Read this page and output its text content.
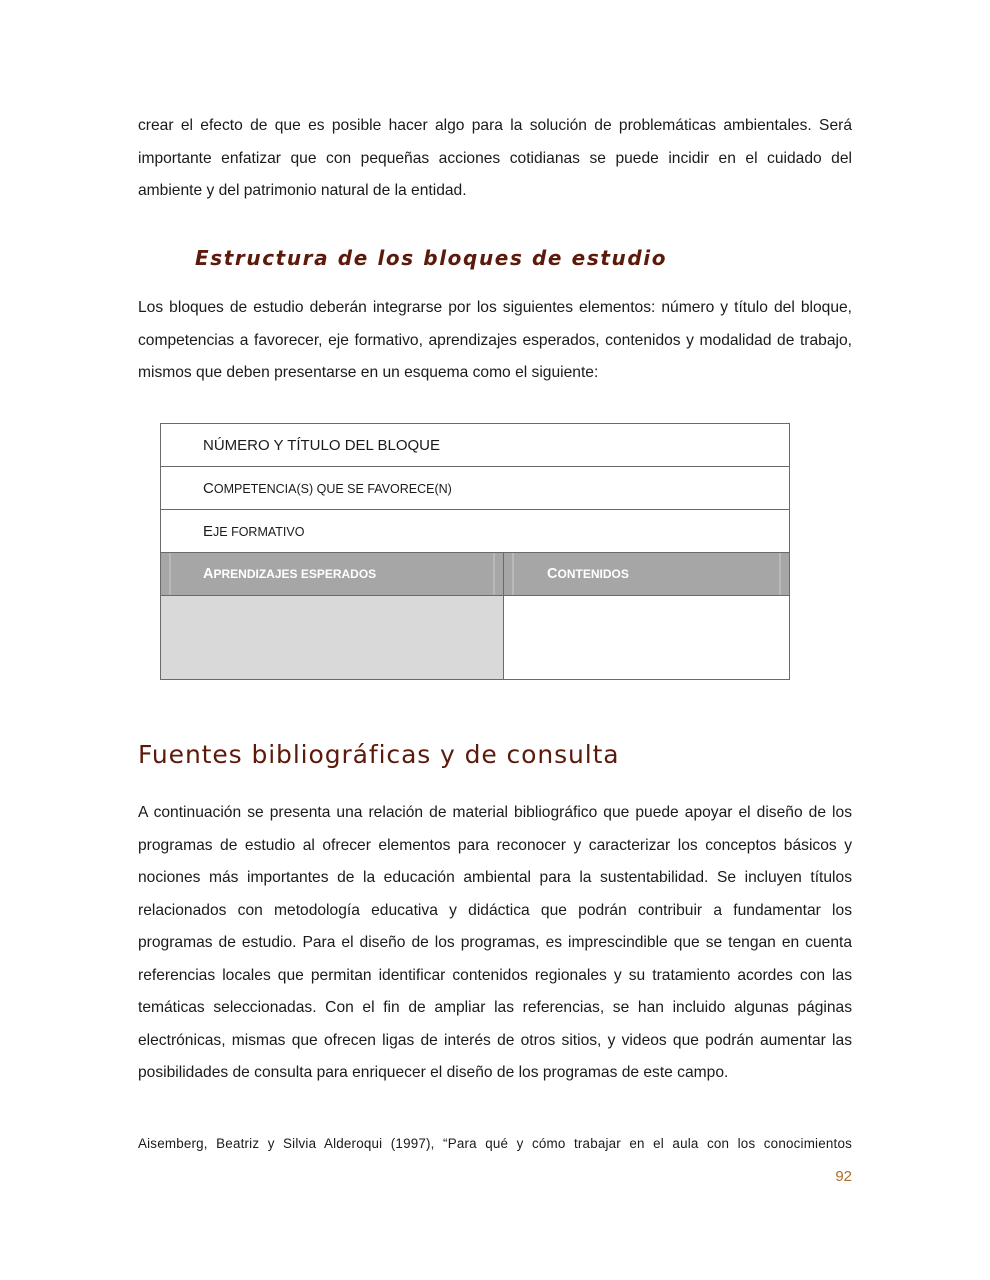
crear el efecto de que es posible hacer algo para la solución de problemáticas ambientales. Será importante enfatizar que con pequeñas acciones cotidianas se puede incidir en el cuidado del ambiente y del patrimonio natural de la entidad.

Estructura de los bloques de estudio

Los bloques de estudio deberán integrarse por los siguientes elementos: número y título del bloque, competencias a favorecer, eje formativo, aprendizajes esperados, contenidos y modalidad de trabajo, mismos que deben presentarse en un esquema como el siguiente:

Fuentes bibliográficas y de consulta

A continuación se presenta una relación de material bibliográfico que puede apoyar el diseño de los programas de estudio al ofrecer elementos para reconocer y caracterizar los conceptos básicos y nociones más importantes de la educación ambiental para la sustentabilidad. Se incluyen títulos relacionados con metodología educativa y didáctica que podrán contribuir a fundamentar los programas de estudio. Para el diseño de los programas, es imprescindible que se tengan en cuenta referencias locales que permitan identificar contenidos regionales y su tratamiento acordes con las temáticas seleccionadas. Con el fin de ampliar las referencias, se han incluido algunas páginas electrónicas, mismas que ofrecen ligas de interés de otros sitios, y videos que podrán aumentar las posibilidades de consulta para enriquecer el diseño de los programas de este campo.

Aisemberg, Beatriz y Silvia Alderoqui (1997), “Para qué y cómo trabajar en el aula con los conocimientos

NÚMERO Y TÍTULO DEL BLOQUE
COMPETENCIA(S) QUE SE FAVORECE(N)
EJE FORMATIVO
APRENDIZAJES ESPERADOS	CONTENIDOS

92
